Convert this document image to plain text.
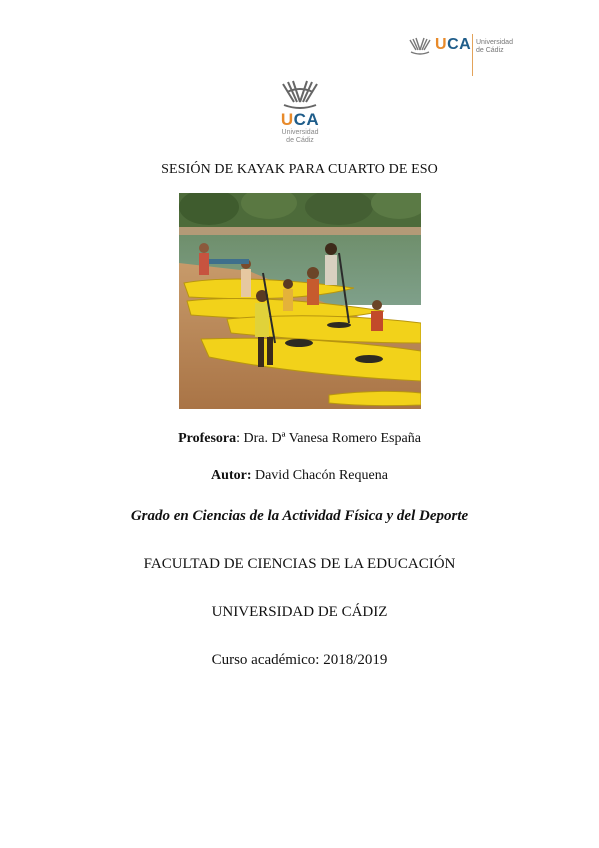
UCA Universidad
de Cádiz
UCA
Universidad
de Cádiz
SESIÓN DE KAYAK PARA CUARTO DE ESO
Profesora: Dra. Dª Vanesa Romero España
Autor: David Chacón Requena
Grado en Ciencias de la Actividad Física y del Deporte
FACULTAD DE CIENCIAS DE LA EDUCACIÓN
UNIVERSIDAD DE CÁDIZ
Curso académico: 2018/2019
